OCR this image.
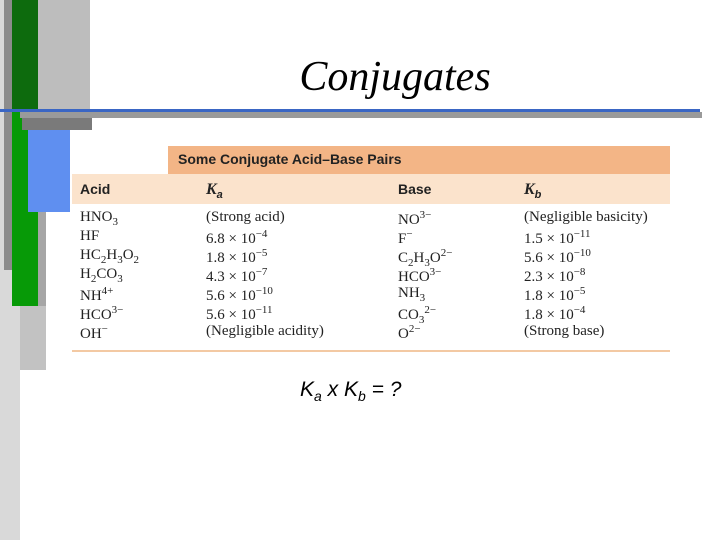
Conjugates
Some Conjugate Acid–Base Pairs
Acid	$K_a$	Base	$K_b$
$HNO_3$	(Strong acid)	$NO^{3-}$	(Negligible basicity)
HF	$6.8 \times 10^{-4}$	F−	$1.5 \times 10^{-11}$
$HC_2H_3O_2$	$1.8 \times 10^{-5}$	$C_2H_3O^{2-}$	$5.6 \times 10^{-10}$
$H_2CO_3$	$4.3 \times 10^{-7}$	$HCO^{3-}$	$2.3 \times 10^{-8}$
$NH^{4+}$	$5.6 \times 10^{-10}$	$NH_3$	$1.8 \times 10^{-5}$
$HCO^{3-}$	$5.6 \times 10^{-11}$	$CO_3^{2-}$	$1.8 \times 10^{-4}$
OH−	(Negligible acidity)	$O^{2-}$	(Strong base)
$K_a$ x $K_b$ = ?
